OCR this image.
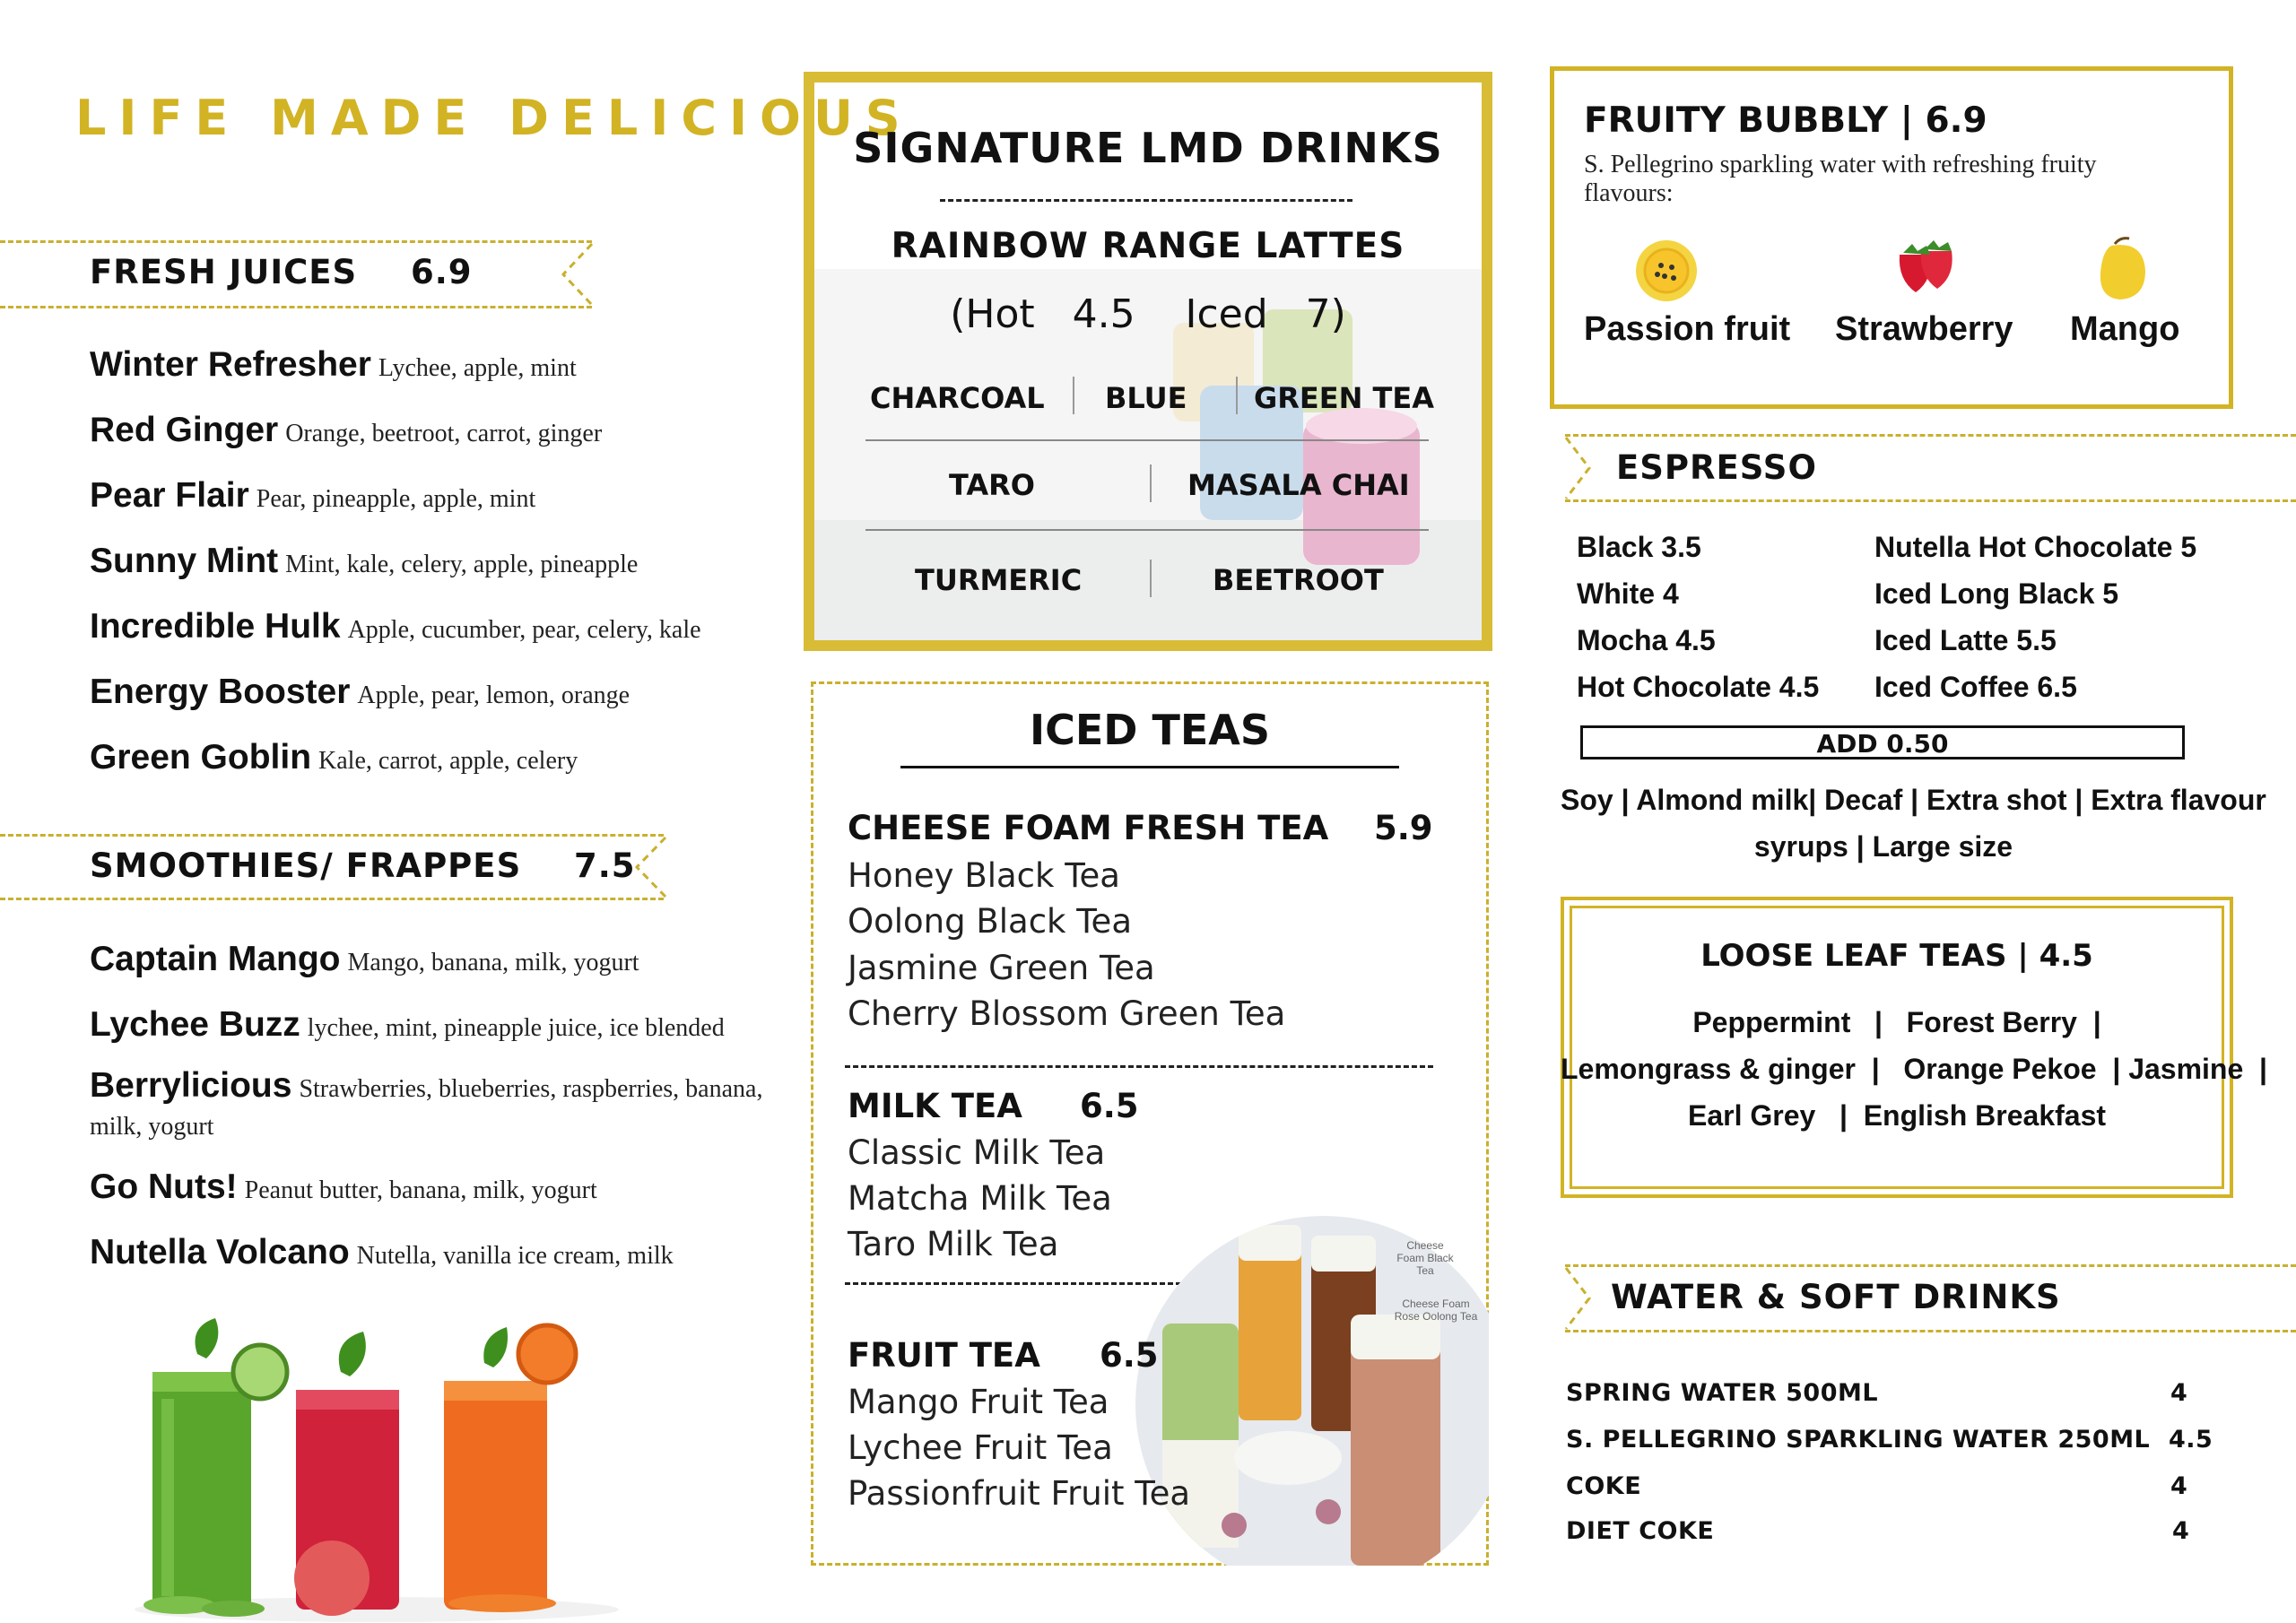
LIFE MADE DELICIOUS
FRESH JUICES 6.9
Winter Refresher Lychee, apple, mint
Red Ginger Orange, beetroot, carrot, ginger
Pear Flair Pear, pineapple, apple, mint
Sunny Mint Mint, kale, celery, apple, pineapple
Incredible Hulk Apple, cucumber, pear, celery, kale
Energy Booster Apple, pear, lemon, orange
Green Goblin Kale, carrot, apple, celery
SMOOTHIES/ FRAPPES 7.5
Captain Mango Mango, banana, milk, yogurt
Lychee Buzz lychee, mint, pineapple juice, ice blended
Berrylicious Strawberries, blueberries, raspberries, banana, milk, yogurt
Go Nuts! Peanut butter, banana, milk, yogurt
Nutella Volcano Nutella, vanilla ice cream, milk
SIGNATURE LMD DRINKS
RAINBOW RANGE LATTES
(Hot   4.5    Iced   7)
CHARCOAL BLUE GREEN TEA
TARO	MASALA CHAI
TURMERIC	BEETROOT
ICED TEAS
CHEESE FOAM FRESH TEA 5.9
Honey Black Tea
Oolong Black Tea
Jasmine Green Tea
Cherry Blossom Green Tea
MILK TEA 6.5
Classic Milk Tea
Matcha Milk Tea
Taro Milk Tea	Cheese Foam Black Tea
Cheese Foam Rose Oolong Tea
FRUIT TEA 6.5
Mango Fruit Tea
Lychee Fruit Tea
Passionfruit Fruit Tea
FRUITY BUBBLY | 6.9
S. Pellegrino sparkling water with refreshing fruity flavours:
Passion fruit Strawberry Mango
ESPRESSO
Black 3.5
White 4
Mocha 4.5
Hot Chocolate 4.5
Nutella Hot Chocolate 5
Iced Long Black 5
Iced Latte 5.5
Iced Coffee 6.5
ADD 0.50
Soy | Almond milk| Decaf | Extra shot | Extra flavour
syrups | Large size
LOOSE LEAF TEAS | 4.5
Peppermint   |   Forest Berry  |
Lemongrass & ginger  |   Orange Pekoe  | Jasmine  |
Earl Grey   |  English Breakfast
WATER & SOFT DRINKS
SPRING WATER 500ML	4
S. PELLEGRINO SPARKLING WATER 250ML 4.5
COKE	4
DIET COKE	4
